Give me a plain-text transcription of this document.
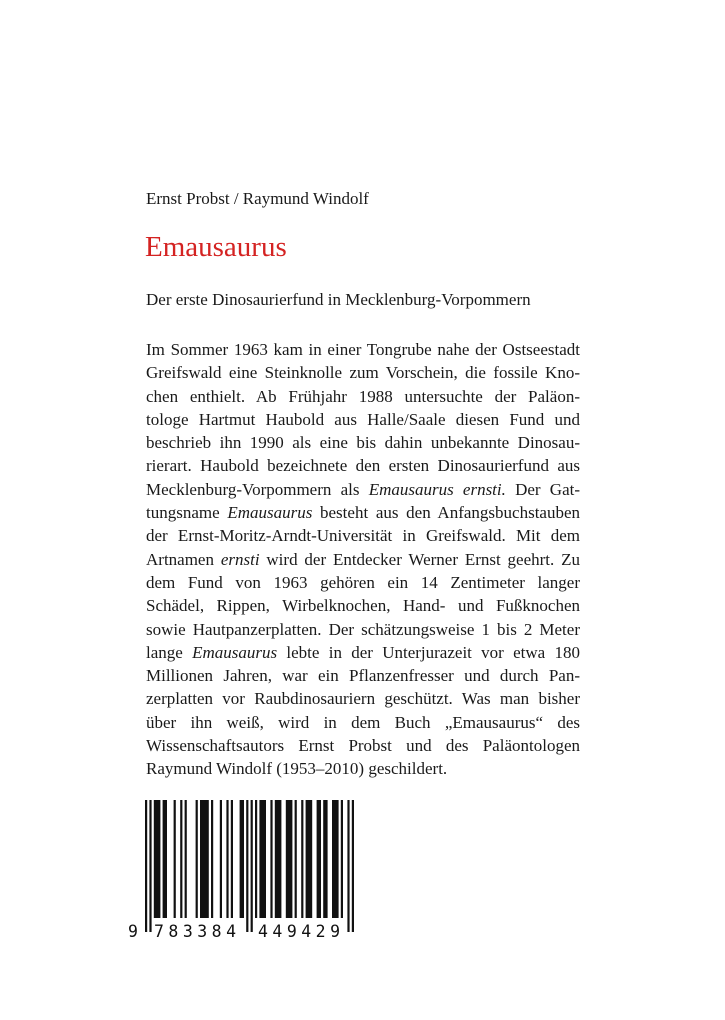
Ernst Probst / Raymund Windolf
Emausaurus
Der erste Dinosaurierfund in Mecklenburg-Vorpommern
Im Sommer 1963 kam in einer Tongrube nahe der Ostseestadt
Greifswald eine Steinknolle zum Vorschein, die fossile Kno-
chen enthielt. Ab Frühjahr 1988 untersuchte der Paläon-
tologe Hartmut Haubold aus Halle/Saale diesen Fund und
beschrieb ihn 1990 als eine bis dahin unbekannte Dinosau-
rierart. Haubold bezeichnete den ersten Dinosaurierfund aus
Mecklenburg-Vorpommern als Emausaurus ernsti. Der Gat-
tungsname Emausaurus besteht aus den Anfangsbuchstauben
der Ernst-Moritz-Arndt-Universität in Greifswald. Mit dem
Artnamen ernsti wird der Entdecker Werner Ernst geehrt. Zu
dem Fund von 1963 gehören ein 14 Zentimeter langer
Schädel, Rippen, Wirbelknochen, Hand- und Fußknochen
sowie Hautpanzerplatten. Der schätzungsweise 1 bis 2 Meter
lange Emausaurus lebte in der Unterjurazeit vor etwa 180
Millionen Jahren, war ein Pflanzenfresser und durch Pan-
zerplatten vor Raubdinosauriern geschützt. Was man bisher
über ihn weiß, wird in dem Buch „Emausaurus“ des
Wissenschaftsautors Ernst Probst und des Paläontologen
Raymund Windolf (1953–2010) geschildert.
9 783384 449429
